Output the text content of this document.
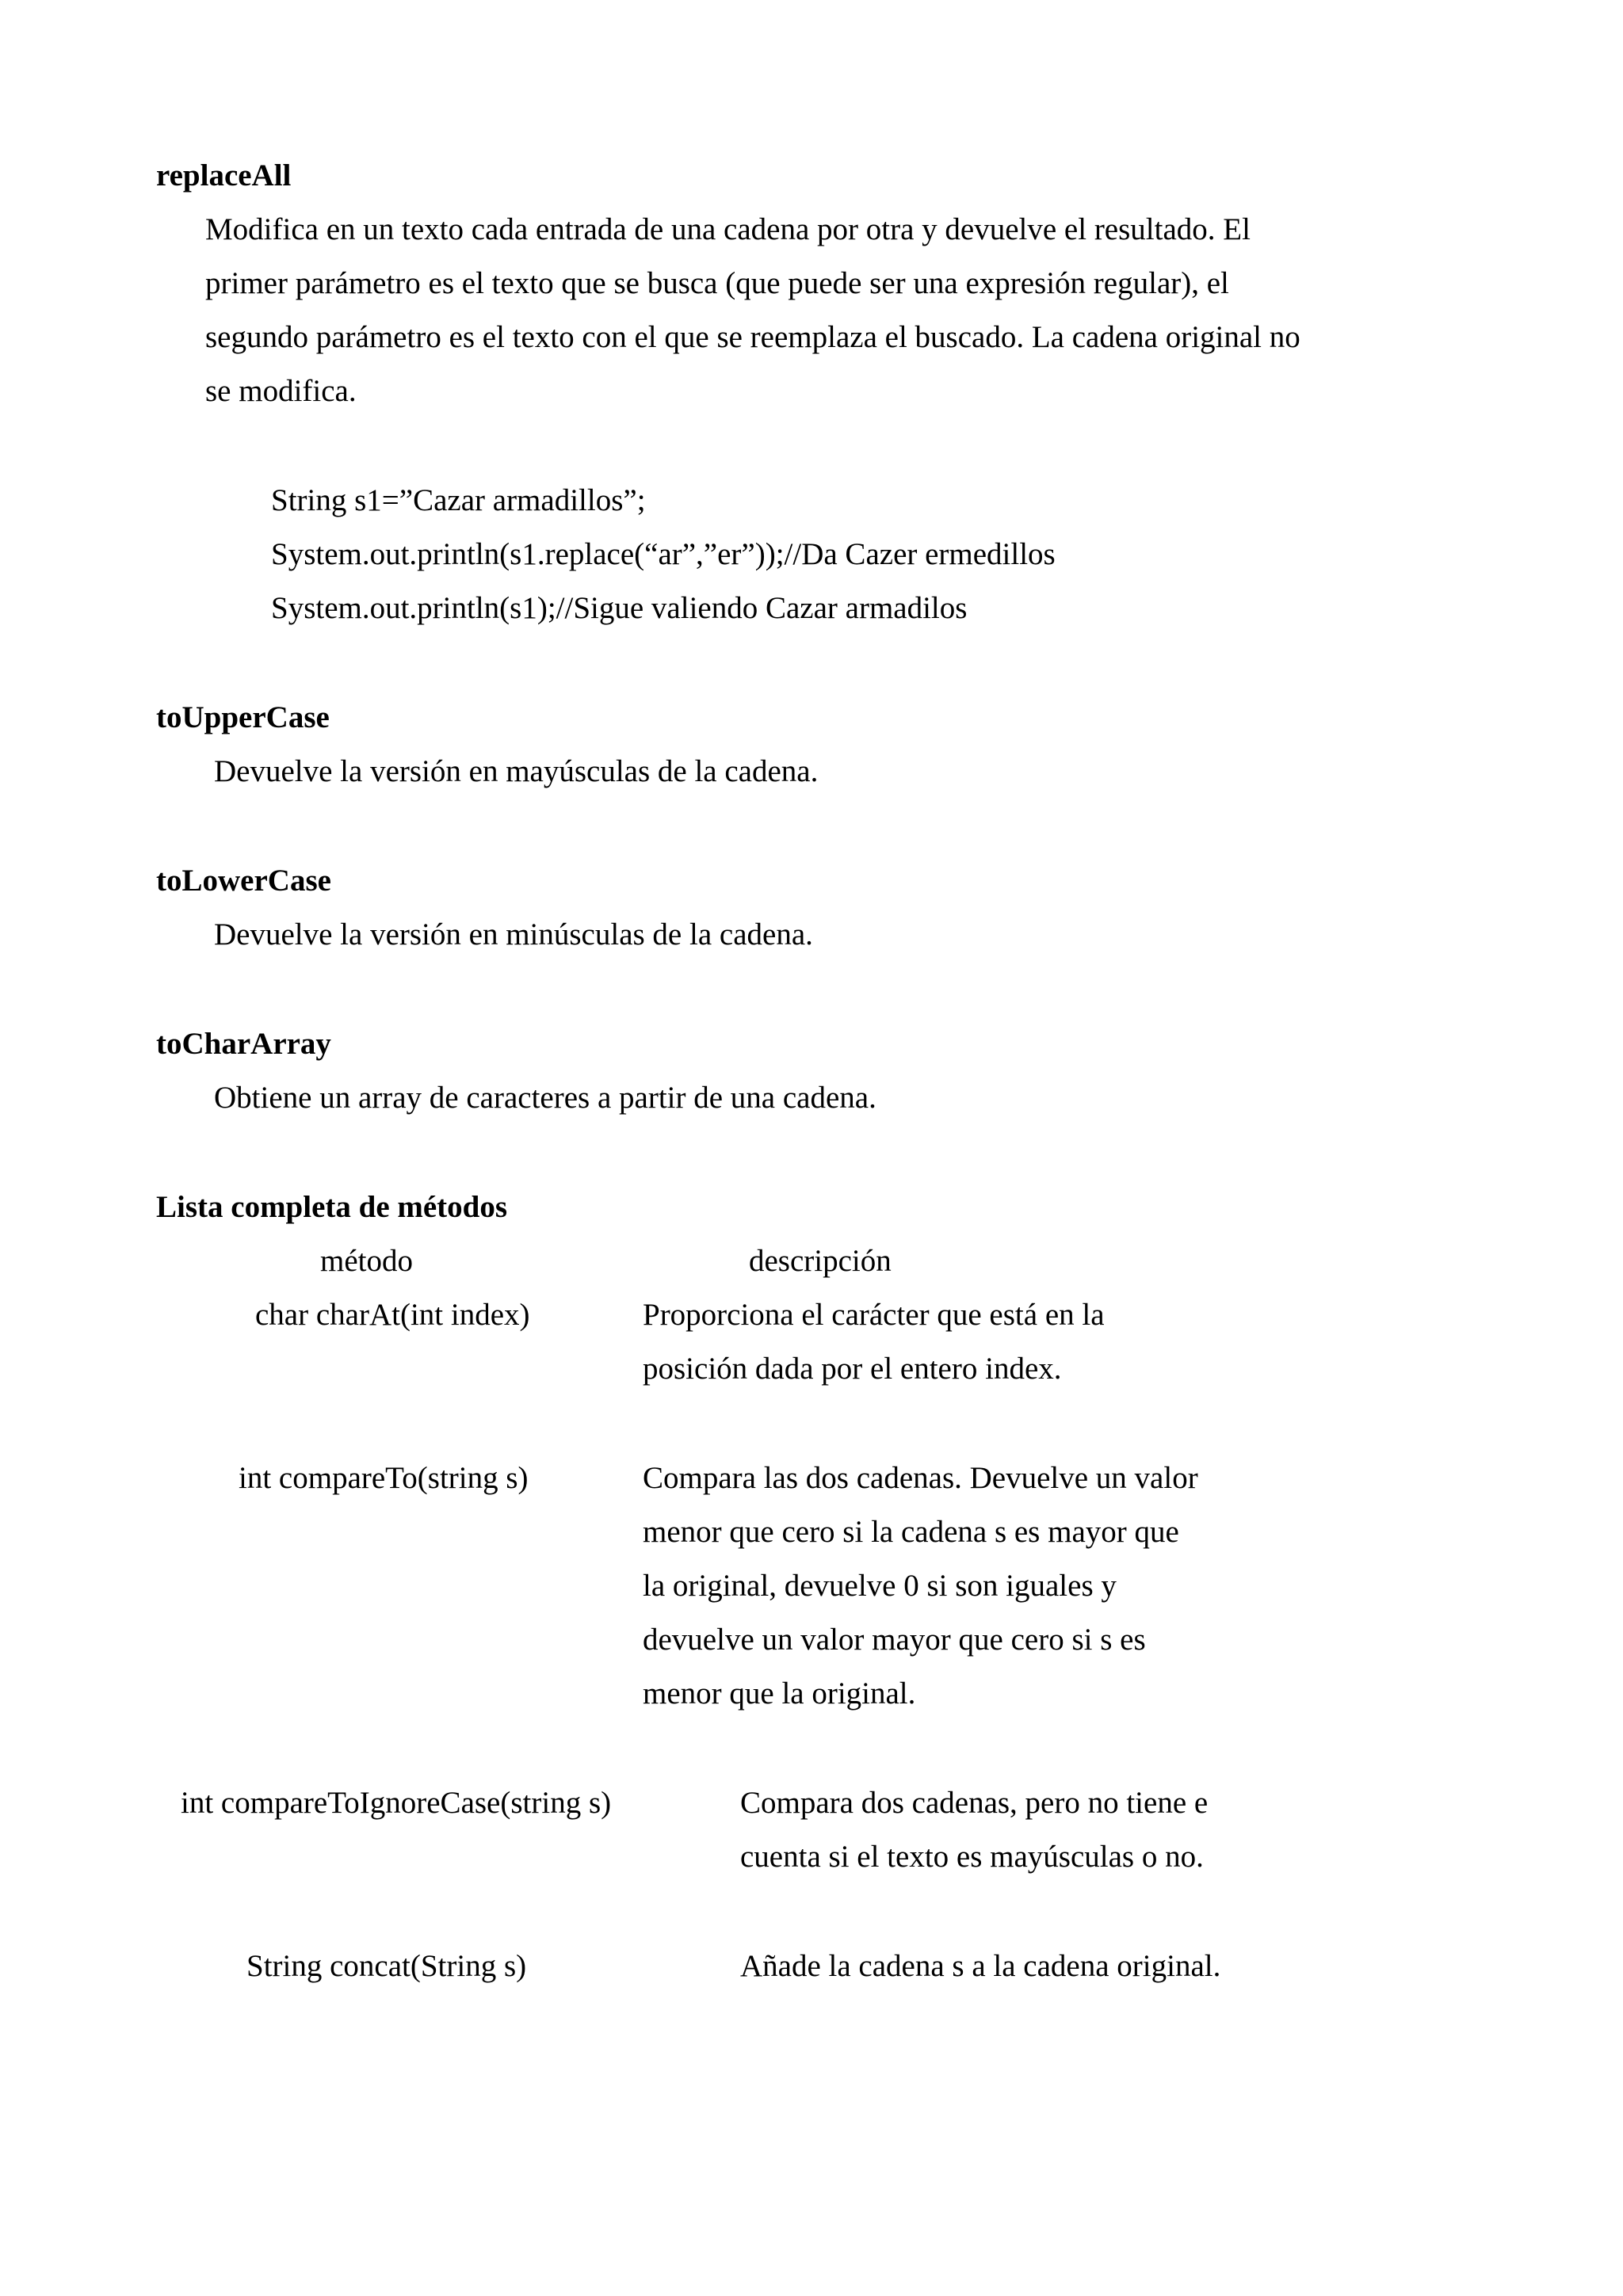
replaceAll
Modifica en un texto cada entrada de una cadena por otra y devuelve el resultado. El
primer parámetro es el texto que se busca (que puede ser una expresión regular), el
segundo parámetro es el texto con el que se reemplaza el buscado. La cadena original no
se modifica.
String s1=”Cazar armadillos”;
System.out.println(s1.replace(“ar”,”er”));//Da Cazer ermedillos
System.out.println(s1);//Sigue valiendo Cazar armadilos
toUpperCase
Devuelve la versión en mayúsculas de la cadena.
toLowerCase
Devuelve la versión en minúsculas de la cadena.
toCharArray
Obtiene un array de caracteres a partir de una cadena.
Lista completa de métodos
método	descripción
char charAt(int index)	Proporciona el carácter que está en la
posición dada por el entero index.
int compareTo(string s)	Compara las dos cadenas. Devuelve un valor
menor que cero si la cadena s es mayor que
la original, devuelve 0 si son iguales y
devuelve un valor mayor que cero si s es
menor que la original.
int compareToIgnoreCase(string s)	Compara dos cadenas, pero no tiene e
cuenta si el texto es mayúsculas o no.
String concat(String s)	Añade la cadena s a la cadena original.
